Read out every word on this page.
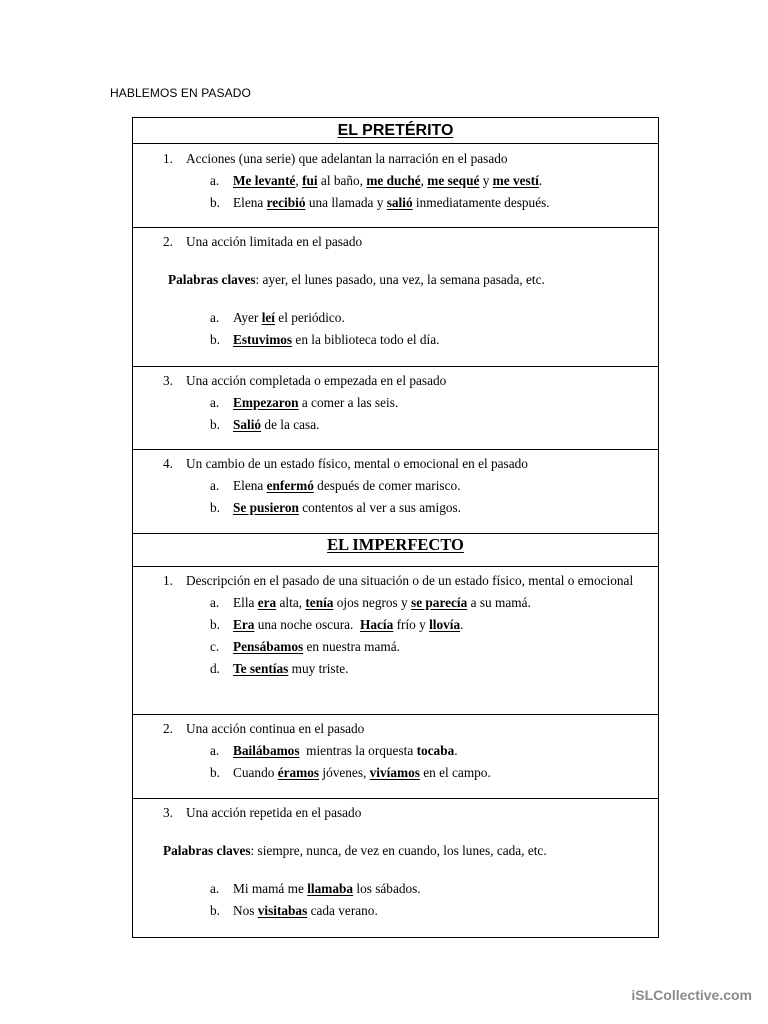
HABLEMOS EN PASADO
EL PRETÉRITO
1. Acciones (una serie) que adelantan la narración en el pasado
a.	Me levanté, fui al baño, me duché, me sequé y me vestí.
b. Elena recibió una llamada y salió inmediatamente después.
2. Una acción limitada en el pasado
Palabras claves: ayer, el lunes pasado, una vez, la semana pasada, etc.
a.	Ayer leí el periódico.
b. Estuvimos en la biblioteca todo el día.
3. Una acción completada o empezada en el pasado
a.	Empezaron a comer a las seis.
b. Salió de la casa.
4. Un cambio de un estado físico, mental o emocional en el pasado
a.	Elena enfermó después de comer marisco.
b. Se pusieron contentos al ver a sus amigos.
EL IMPERFECTO
1. Descripción en el pasado de una situación o de un estado físico, mental o emocional
a.	Ella era alta, tenía ojos negros y se parecía a su mamá.
b. Era una noche oscura.  Hacía frío y llovía.
c.	Pensábamos en nuestra mamá.
d. Te sentías muy triste.
2. Una acción continua en el pasado
a.	Bailábamos  mientras la orquesta tocaba.
b. Cuando éramos jóvenes, vivíamos en el campo.
3. Una acción repetida en el pasado
Palabras claves: siempre, nunca, de vez en cuando, los lunes, cada, etc.
a.	Mi mamá me llamaba los sábados.
b. Nos visitabas cada verano.
iSLCollective.com
